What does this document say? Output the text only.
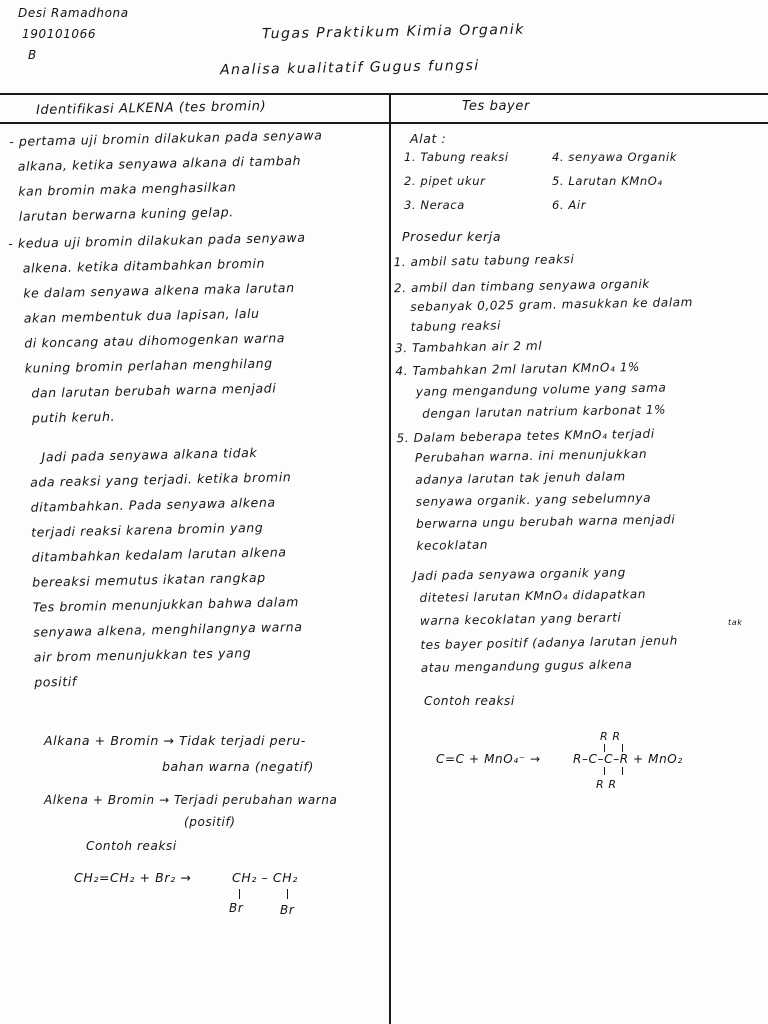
Desi Ramadhona
190101066
B
Tugas Praktikum Kimia Organik
Analisa kualitatif Gugus fungsi
Identifikasi ALKENA (tes bromin)	Tes bayer
- pertama uji bromin dilakukan pada senyawa
alkana, ketika senyawa alkana di tambah
kan bromin maka menghasilkan
larutan berwarna kuning gelap.
- kedua uji bromin dilakukan pada senyawa
alkena. ketika ditambahkan bromin
ke dalam senyawa alkena maka larutan
akan membentuk dua lapisan, lalu
di koncang atau dihomogenkan warna
kuning bromin perlahan menghilang
dan larutan berubah warna menjadi
putih keruh.
Jadi pada senyawa alkana tidak
ada reaksi yang terjadi. ketika bromin
ditambahkan. Pada senyawa alkena
terjadi reaksi karena bromin yang
ditambahkan kedalam larutan alkena
bereaksi memutus ikatan rangkap
Tes bromin menunjukkan bahwa dalam
senyawa alkena, menghilangnya warna
air brom menunjukkan tes yang
positif
Alkana + Bromin → Tidak terjadi peru-
bahan warna (negatif)
Alkena + Bromin → Terjadi perubahan warna
(positif)
Contoh reaksi
CH₂=CH₂ + Br₂ →	CH₂ – CH₂
Br	Br
Alat :
1. Tabung reaksi
2. pipet ukur
3. Neraca
4. senyawa Organik
5. Larutan KMnO₄
6. Air
Prosedur kerja
1. ambil satu tabung reaksi
2. ambil dan timbang senyawa organik
sebanyak 0,025 gram. masukkan ke dalam
tabung reaksi
3. Tambahkan air 2 ml
4. Tambahkan 2ml larutan KMnO₄ 1%
yang mengandung volume yang sama
dengan larutan natrium karbonat 1%
5. Dalam beberapa tetes KMnO₄ terjadi
Perubahan warna. ini menunjukkan
adanya larutan tak jenuh dalam
senyawa organik. yang sebelumnya
berwarna ungu berubah warna menjadi
kecoklatan
Jadi pada senyawa organik yang
ditetesi larutan KMnO₄ didapatkan
warna kecoklatan yang berarti
tes bayer positif (adanya larutan jenuh
atau mengandung gugus alkena
tak
Contoh reaksi
R R
C=C + MnO₄⁻ →	R–C–C–R + MnO₂
R R
